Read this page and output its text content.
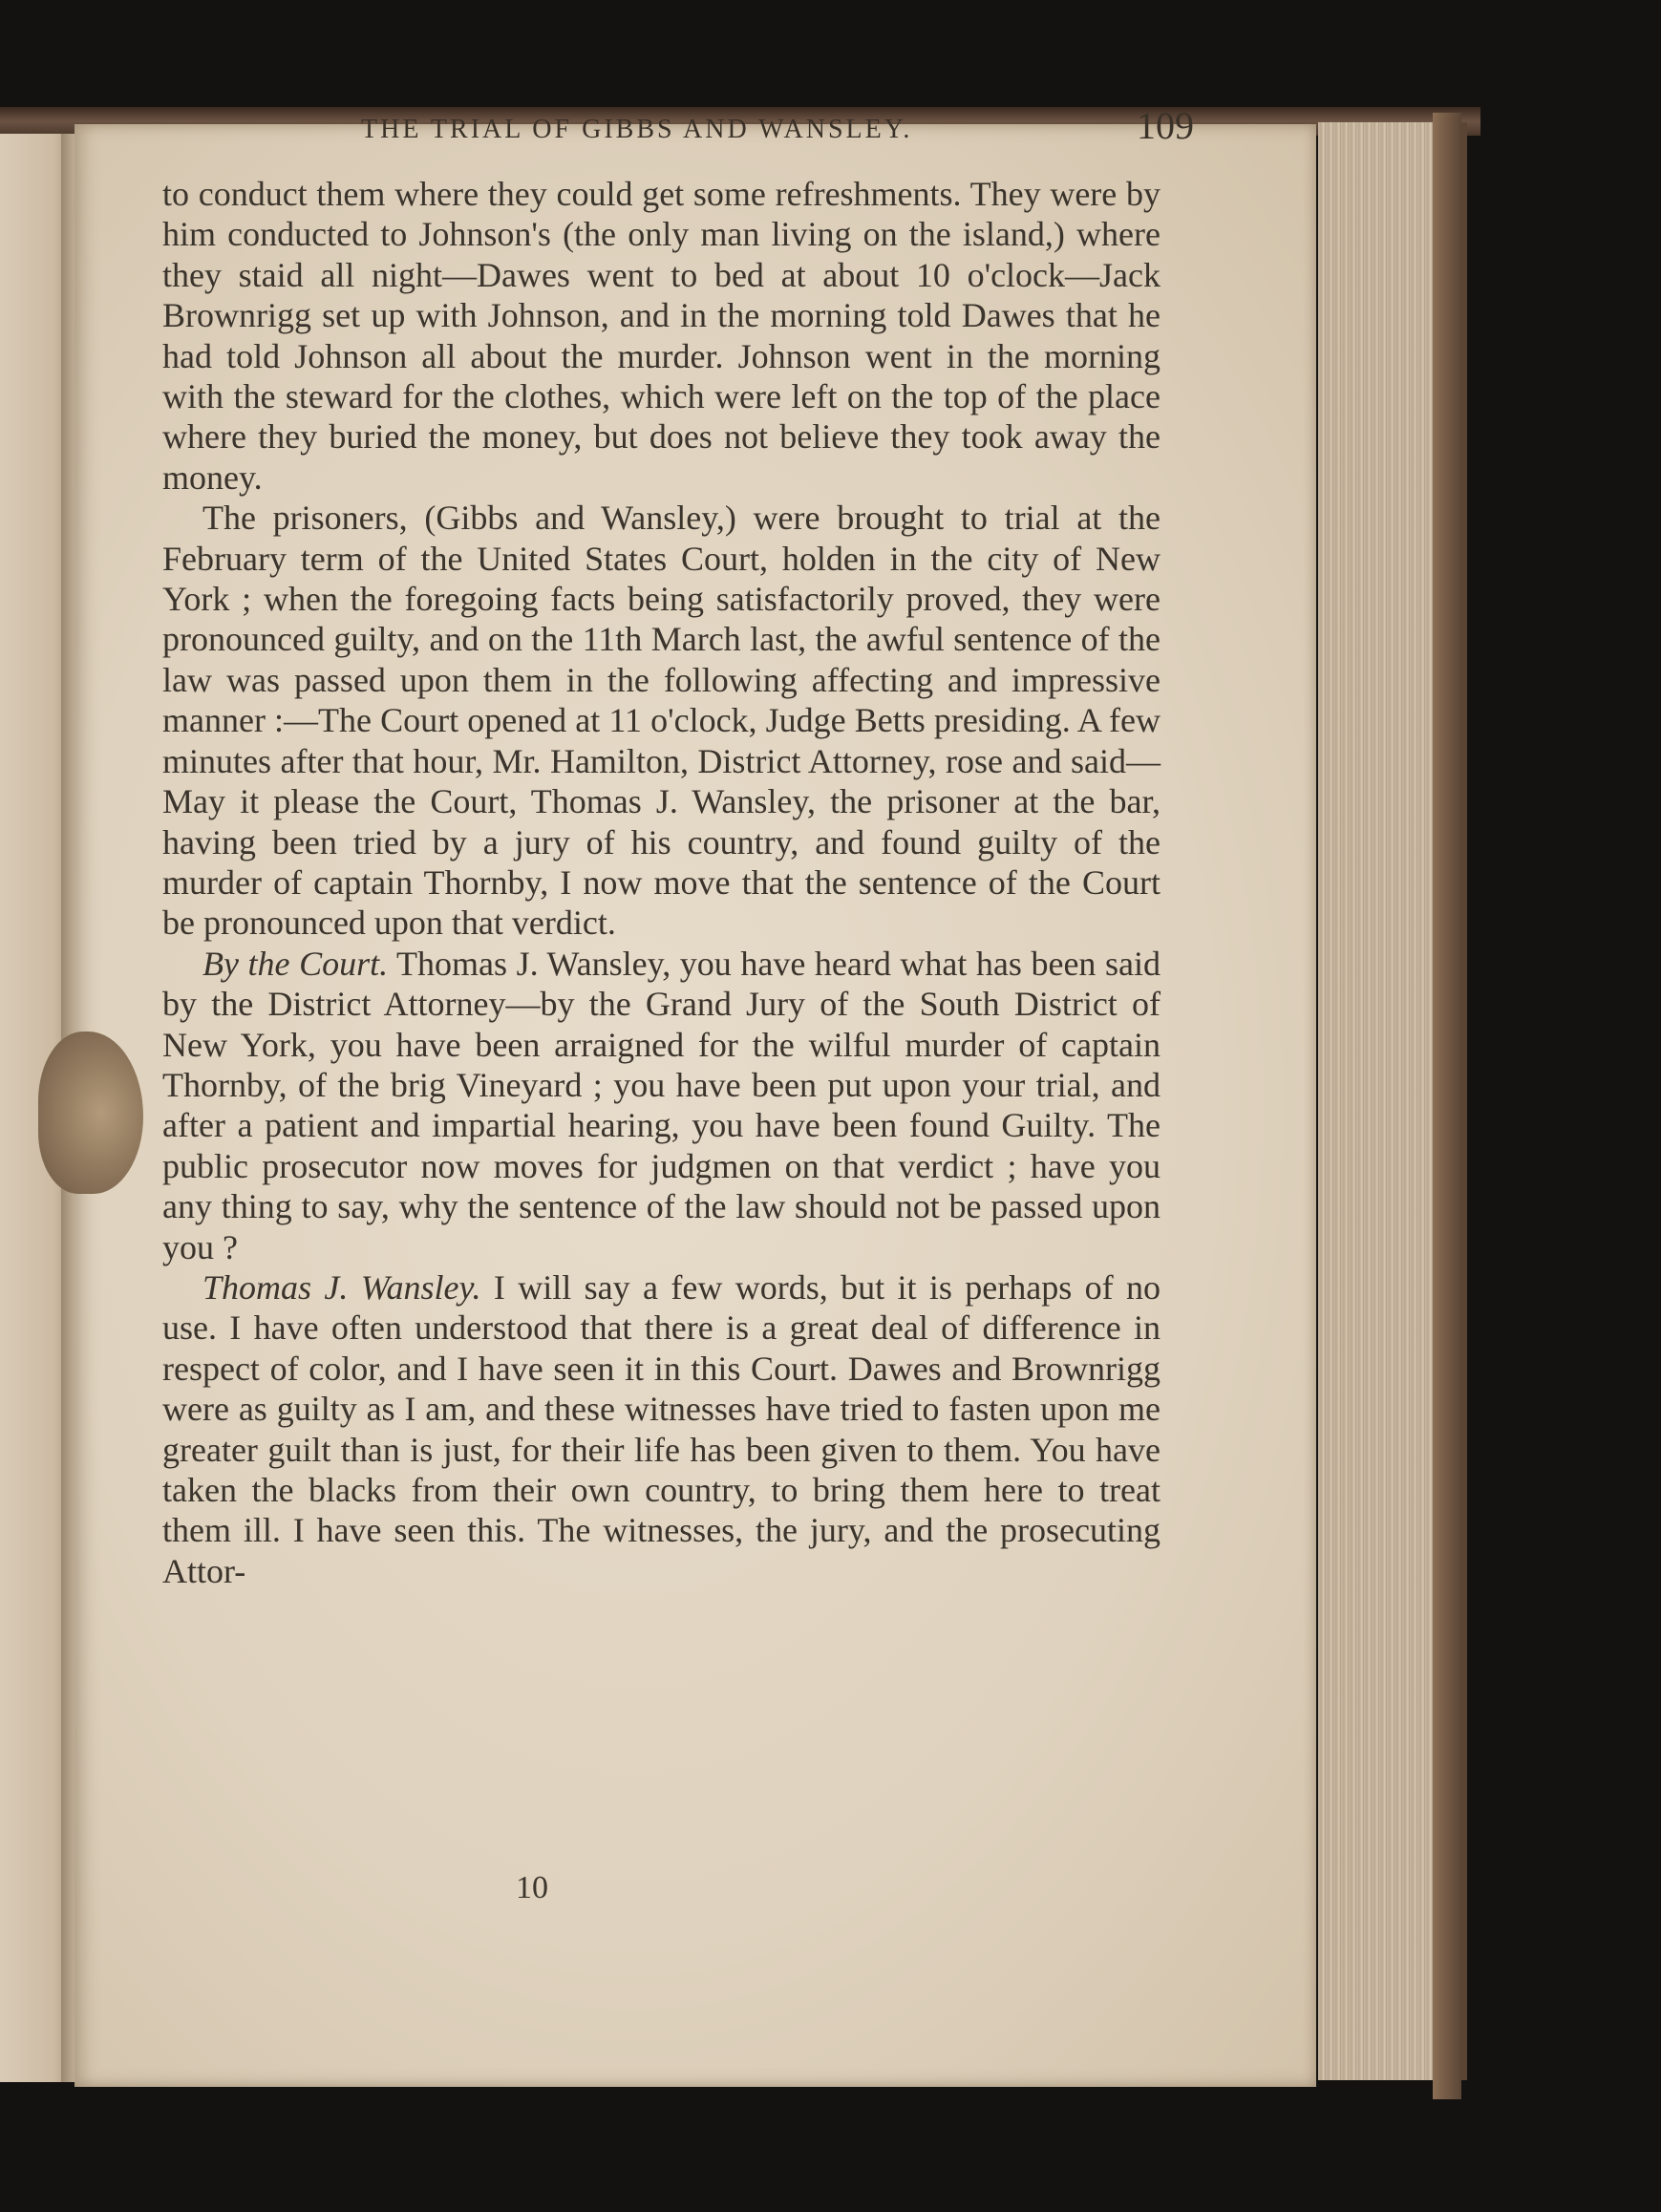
THE TRIAL OF GIBBS AND WANSLEY.	109

to conduct them where they could get some refreshments. They were by him conducted to Johnson's (the only man living on the island,) where they staid all night—Dawes went to bed at about 10 o'clock—Jack Brownrigg set up with Johnson, and in the morning told Dawes that he had told Johnson all about the murder. Johnson went in the morning with the steward for the clothes, which were left on the top of the place where they buried the money, but does not believe they took away the money.

The prisoners, (Gibbs and Wansley,) were brought to trial at the February term of the United States Court, holden in the city of New York ; when the foregoing facts being satisfactorily proved, they were pronounced guilty, and on the 11th March last, the awful sentence of the law was passed upon them in the following affecting and impressive manner :—The Court opened at 11 o'clock, Judge Betts presiding. A few minutes after that hour, Mr. Hamilton, District Attorney, rose and said—May it please the Court, Thomas J. Wansley, the prisoner at the bar, having been tried by a jury of his country, and found guilty of the murder of captain Thornby, I now move that the sentence of the Court be pronounced upon that verdict.

By the Court. Thomas J. Wansley, you have heard what has been said by the District Attorney—by the Grand Jury of the South District of New York, you have been arraigned for the wilful murder of captain Thornby, of the brig Vineyard ; you have been put upon your trial, and after a patient and impartial hearing, you have been found Guilty. The public prosecutor now moves for judgmen on that verdict ; have you any thing to say, why the sentence of the law should not be passed upon you ?

Thomas J. Wansley. I will say a few words, but it is perhaps of no use. I have often understood that there is a great deal of difference in respect of color, and I have seen it in this Court. Dawes and Brownrigg were as guilty as I am, and these witnesses have tried to fasten upon me greater guilt than is just, for their life has been given to them. You have taken the blacks from their own country, to bring them here to treat them ill. I have seen this. The witnesses, the jury, and the prosecuting Attor-

10
